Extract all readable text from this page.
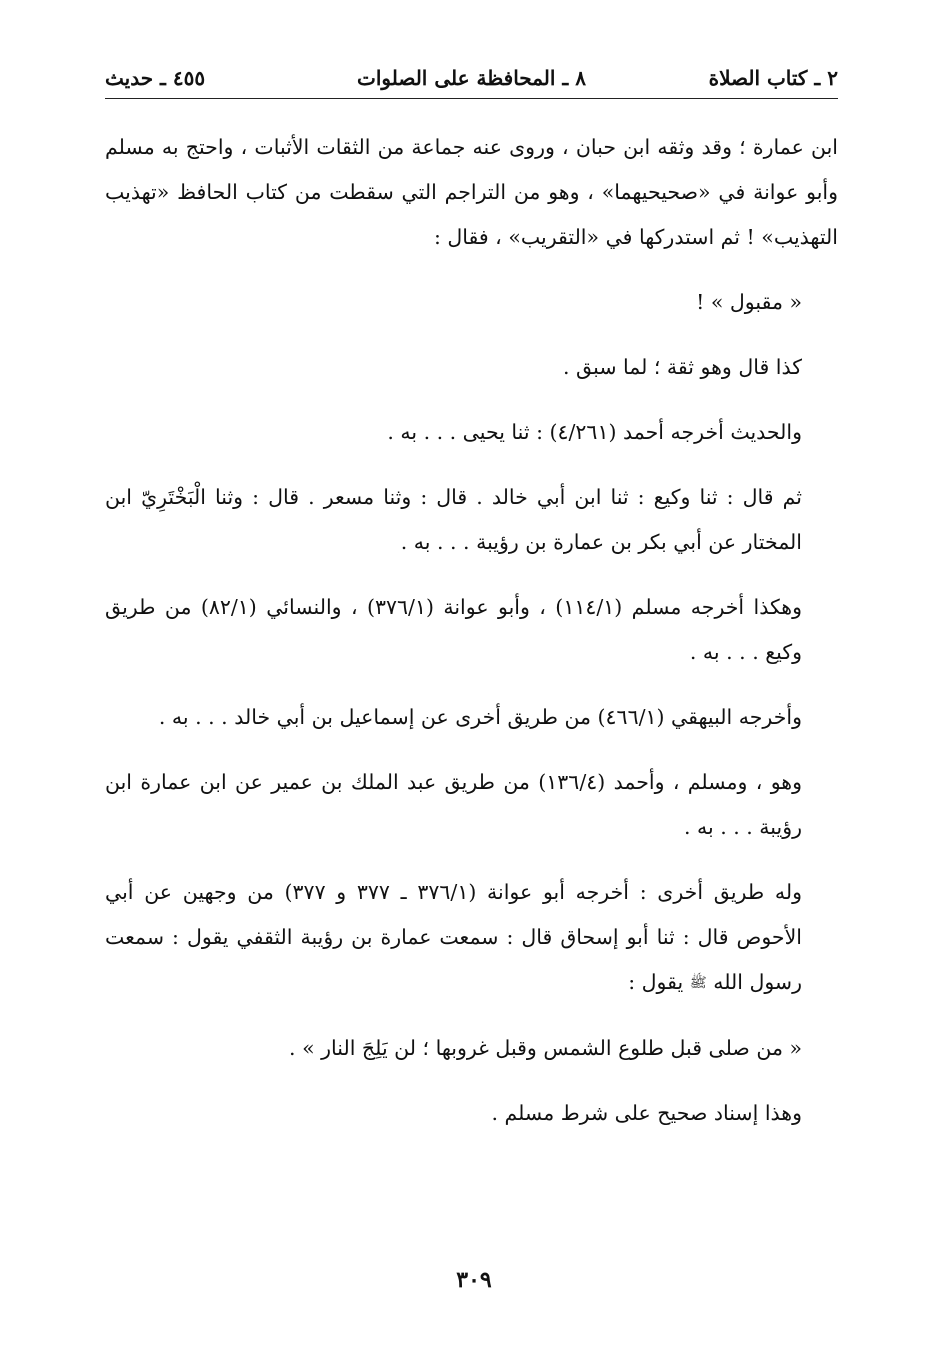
٢ ـ كتاب الصلاة
٨ ـ المحافظة على الصلوات
٤٥٥ ـ حديث

ابن عمارة ؛ وقد وثقه ابن حبان ، وروى عنه جماعة من الثقات الأثبات ، واحتج به مسلم وأبو عوانة في «صحيحيهما» ، وهو من التراجم التي سقطت من كتاب الحافظ «تهذيب التهذيب» ! ثم استدركها في «التقريب» ، فقال :

« مقبول » !

كذا قال وهو ثقة ؛ لما سبق .

والحديث أخرجه أحمد (٤/٢٦١) : ثنا يحيى . . . به .

ثم قال : ثنا وكيع : ثنا ابن أبي خالد . قال : وثنا مسعر . قال : وثنا الْبَخْتَرِيّ ابن المختار عن أبي بكر بن عمارة بن رؤيبة . . . به .

وهكذا أخرجه مسلم (١١٤/١) ، وأبو عوانة (٣٧٦/١) ، والنسائي (٨٢/١) من طريق وكيع . . . به .

وأخرجه البيهقي (٤٦٦/١) من طريق أخرى عن إسماعيل بن أبي خالد . . . به .

وهو ، ومسلم ، وأحمد (١٣٦/٤) من طريق عبد الملك بن عمير عن ابن عمارة ابن رؤيبة . . . به .

وله طريق أخرى : أخرجه أبو عوانة (٣٧٦/١ ـ ٣٧٧ و ٣٧٧) من وجهين عن أبي الأحوص قال : ثنا أبو إسحاق قال : سمعت عمارة بن رؤيبة الثقفي يقول : سمعت رسول الله ﷺ يقول :

« من صلى قبل طلوع الشمس وقبل غروبها ؛ لن يَلِجَ النار » .

وهذا إسناد صحيح على شرط مسلم .

٣٠٩
